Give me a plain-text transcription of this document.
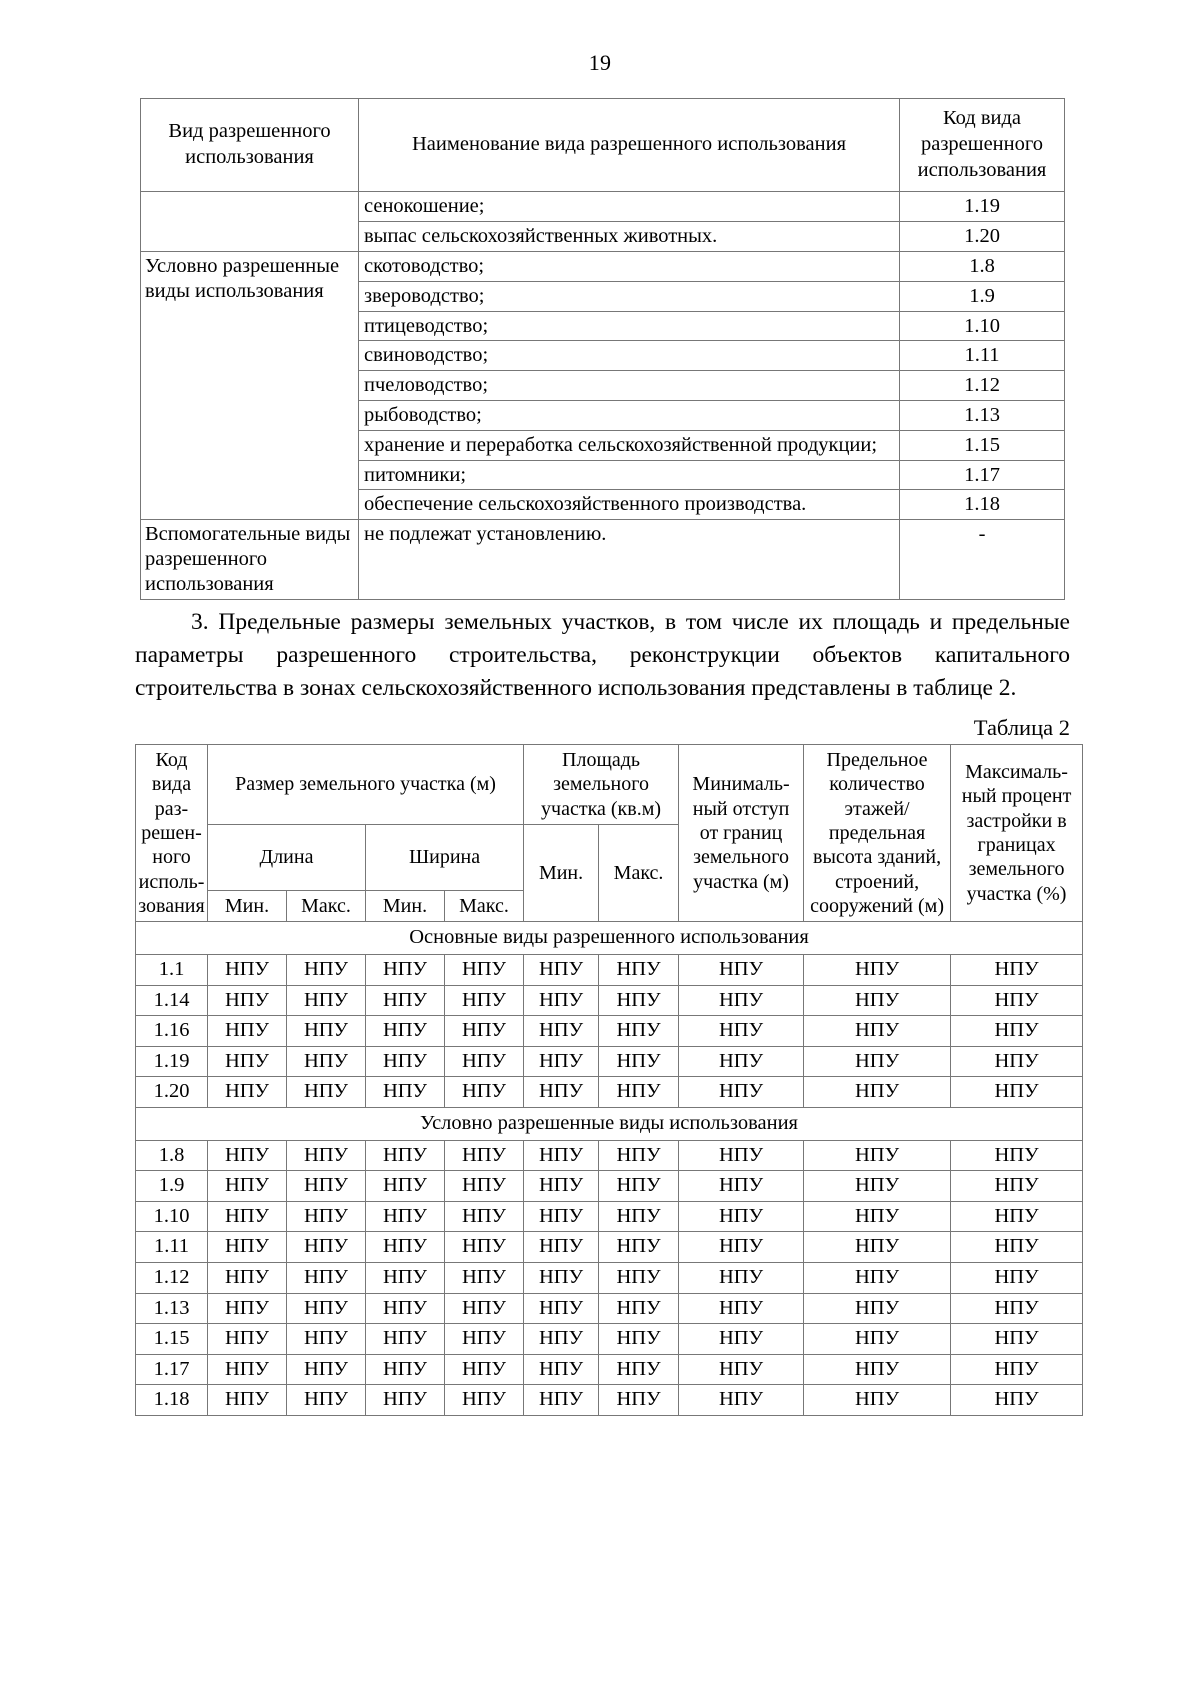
19
Вид разрешенного использования	Наименование вида разрешенного использования	Код вида разрешенного использования
	сенокошение;	1.19
	выпас сельскохозяйственных животных.	1.20
Условно разрешенные виды использования	скотоводство;	1.8
	звероводство;	1.9
	птицеводство;	1.10
	свиноводство;	1.11
	пчеловодство;	1.12
	рыбоводство;	1.13
	хранение и переработка сельскохозяйственной продукции;	1.15
	питомники;	1.17
	обеспечение сельскохозяйственного производства.	1.18
Вспомогательные виды разрешенного использования	не подлежат установлению.	-

3. Предельные размеры земельных участков, в том числе их площадь и предельные параметры разрешенного строительства, реконструкции объектов капитального строительства в зонах сельскохозяйственного использования представлены в таблице 2.

Таблица 2
Код вида раз-решен-ного исполь-зования	Размер земельного участка (м)				Площадь земельного участка (кв.м)		Минималь-ный отступ от границ земельного участка (м)	Предельное количество этажей/ предельная высота зданий, строений, сооружений (м)	Максималь-ный процент застройки в границах земельного участка (%)
	Длина		Ширина		Мин.	Макс.			
	Мин.	Макс.	Мин.	Макс.					
Основные виды разрешенного использования									
1.1	НПУ	НПУ	НПУ	НПУ	НПУ	НПУ	НПУ	НПУ	НПУ
1.14	НПУ	НПУ	НПУ	НПУ	НПУ	НПУ	НПУ	НПУ	НПУ
1.16	НПУ	НПУ	НПУ	НПУ	НПУ	НПУ	НПУ	НПУ	НПУ
1.19	НПУ	НПУ	НПУ	НПУ	НПУ	НПУ	НПУ	НПУ	НПУ
1.20	НПУ	НПУ	НПУ	НПУ	НПУ	НПУ	НПУ	НПУ	НПУ
Условно разрешенные виды использования									
1.8	НПУ	НПУ	НПУ	НПУ	НПУ	НПУ	НПУ	НПУ	НПУ
1.9	НПУ	НПУ	НПУ	НПУ	НПУ	НПУ	НПУ	НПУ	НПУ
1.10	НПУ	НПУ	НПУ	НПУ	НПУ	НПУ	НПУ	НПУ	НПУ
1.11	НПУ	НПУ	НПУ	НПУ	НПУ	НПУ	НПУ	НПУ	НПУ
1.12	НПУ	НПУ	НПУ	НПУ	НПУ	НПУ	НПУ	НПУ	НПУ
1.13	НПУ	НПУ	НПУ	НПУ	НПУ	НПУ	НПУ	НПУ	НПУ
1.15	НПУ	НПУ	НПУ	НПУ	НПУ	НПУ	НПУ	НПУ	НПУ
1.17	НПУ	НПУ	НПУ	НПУ	НПУ	НПУ	НПУ	НПУ	НПУ
1.18	НПУ	НПУ	НПУ	НПУ	НПУ	НПУ	НПУ	НПУ	НПУ
